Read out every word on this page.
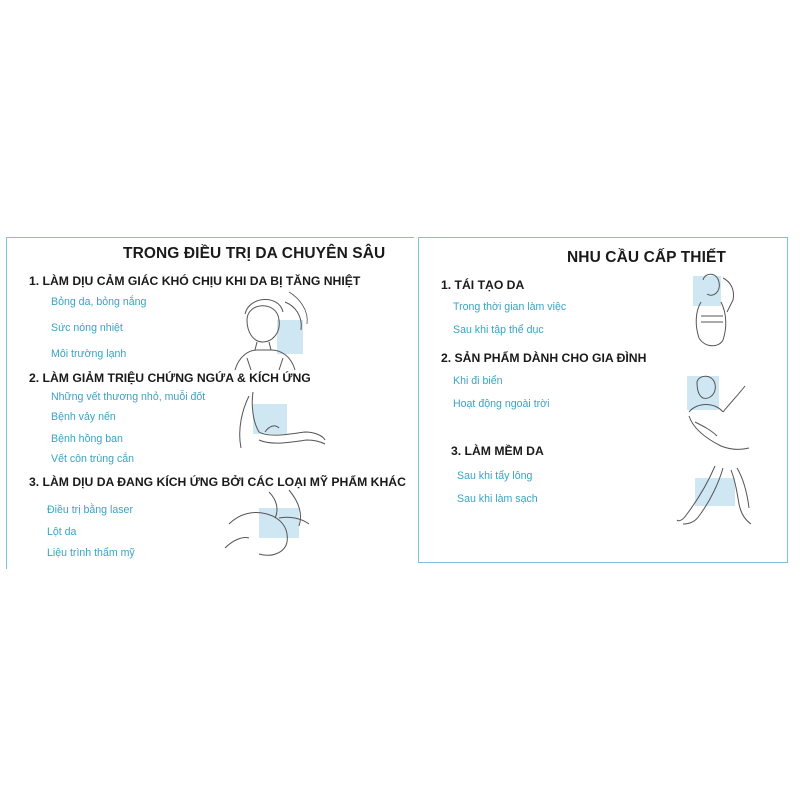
TRONG ĐIỀU TRỊ DA CHUYÊN SÂU
1. LÀM DỊU CẢM GIÁC KHÓ CHỊU KHI DA BỊ TĂNG NHIỆT
Bỏng da, bỏng nắng
Sức nóng nhiệt
Môi trường lạnh
2. LÀM GIẢM TRIỆU CHỨNG NGỨA & KÍCH ỨNG
Những vết thương nhỏ, muỗi đốt
Bệnh vảy nến
Bệnh hồng ban
Vết côn trùng cắn
3. LÀM DỊU DA ĐANG KÍCH ỨNG BỞI CÁC LOẠI MỸ PHẨM KHÁC
Điều trị bằng laser
Lột da
Liệu trình thẩm mỹ
NHU CẦU CẤP THIẾT
1. TÁI TẠO DA
Trong thời gian làm việc
Sau khi tập thể dục
2. SẢN PHẨM DÀNH CHO GIA ĐÌNH
Khi đi biển
Hoạt động ngoài trời
3. LÀM MỀM DA
Sau khi tẩy lông
Sau khi làm sạch
